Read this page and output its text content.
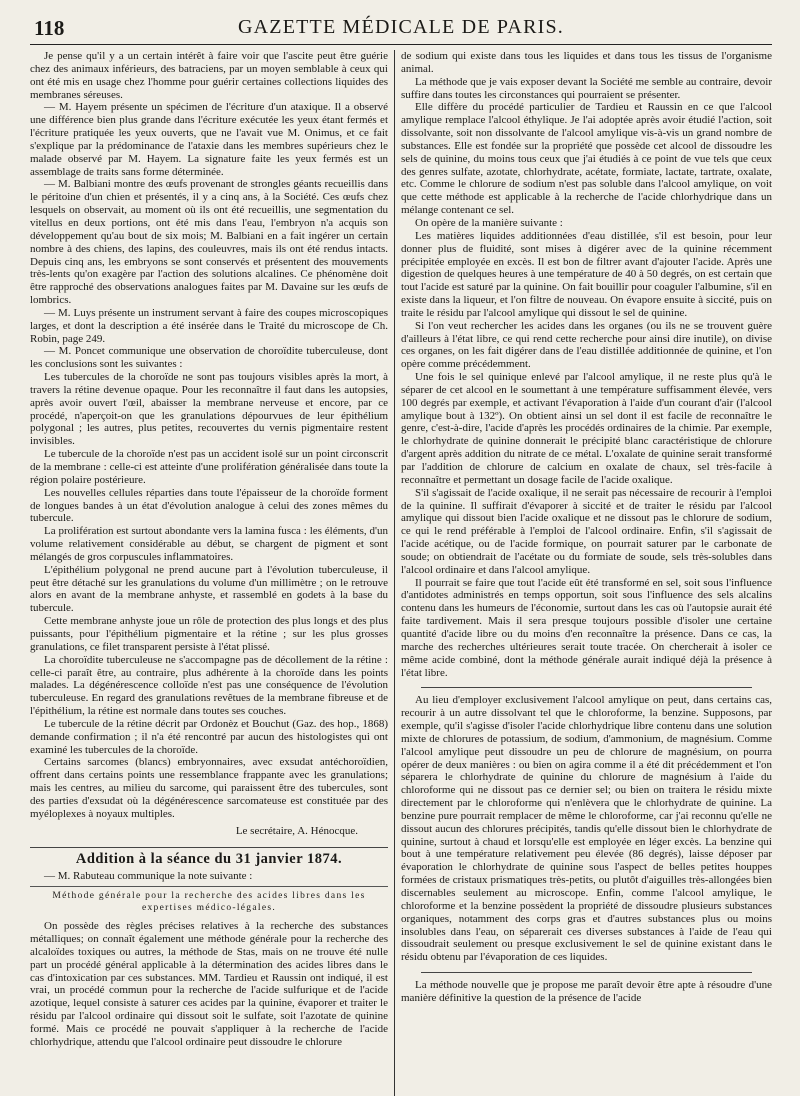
118	GAZETTE MÉDICALE DE PARIS.

Je pense qu'il y a un certain intérêt à faire voir que l'ascite peut être guérie chez des animaux inférieurs, des batraciens, par un moyen semblable à ceux qui ont été mis en usage chez l'homme pour guérir certaines collections liquides des membranes séreuses.

— M. Hayem présente un spécimen de l'écriture d'un ataxique. Il a observé une différence bien plus grande dans l'écriture exécutée les yeux étant fermés et l'écriture pratiquée les yeux ouverts, que ne l'avait vue M. Onimus, et ce fait s'explique par la prédominance de l'ataxie dans les membres supérieurs chez le malade observé par M. Hayem. La signature faite les yeux fermés est un assemblage de traits sans forme déterminée.

— M. Balbiani montre des œufs provenant de strongles géants recueillis dans le péritoine d'un chien et présentés, il y a cinq ans, à la Société. Ces œufs chez lesquels on observait, au moment où ils ont été recueillis, une segmentation du vitellus en deux portions, ont été mis dans l'eau, l'embryon n'a acquis son développement qu'au bout de six mois; M. Balbiani en a fait ingérer un certain nombre à des chiens, des lapins, des couleuvres, mais ils ont été rendus intacts. Depuis cinq ans, les embryons se sont conservés et présentent des mouvements très-lents qu'on exagère par l'action des solutions alcalines. Ce phénomène doit être rapproché des observations analogues faites par M. Davaine sur les œufs de lombrics.

— M. Luys présente un instrument servant à faire des coupes microscopiques larges, et dont la description a été insérée dans le Traité du microscope de Ch. Robin, page 249.

— M. Poncet communique une observation de choroïdite tuberculeuse, dont les conclusions sont les suivantes :

Les tubercules de la choroïde ne sont pas toujours visibles après la mort, à travers la rétine devenue opaque. Pour les reconnaître il faut dans les autopsies, après avoir ouvert l'œil, abaisser la membrane nerveuse et encore, par ce procédé, n'aperçoit-on que les granulations dépourvues de leur épithélium polygonal ; les autres, plus petites, recouvertes du vernis pigmentaire restent invisibles.

Le tubercule de la choroïde n'est pas un accident isolé sur un point circonscrit de la membrane : celle-ci est atteinte d'une prolifération généralisée dans toute la région polaire postérieure.

Les nouvelles cellules réparties dans toute l'épaisseur de la choroïde forment de longues bandes à un état d'évolution analogue à celui des zones mêmes du tubercule.

La prolifération est surtout abondante vers la lamina fusca : les éléments, d'un volume relativement considérable au début, se chargent de pigment et sont mélangés de gros corpuscules inflammatoires.

L'épithélium polygonal ne prend aucune part à l'évolution tuberculeuse, il peut être détaché sur les granulations du volume d'un millimètre ; on le retrouve alors en avant de la membrane anhyste, et rassemblé en godets à la base du tubercule.

Cette membrane anhyste joue un rôle de protection des plus longs et des plus puissants, pour l'épithélium pigmentaire et la rétine ; sur les plus grosses granulations, ce filet transparent persiste à l'état plissé.

La choroïdite tuberculeuse ne s'accompagne pas de décollement de la rétine : celle-ci paraît être, au contraire, plus adhérente à la choroïde dans les points malades. La dégénérescence colloïde n'est pas une conséquence de l'évolution tuberculeuse. En regard des granulations revêtues de la membrane fibreuse et de l'épithélium, la rétine est normale dans toutes ses couches.

Le tubercule de la rétine décrit par Ordonèz et Bouchut (Gaz. des hop., 1868) demande confirmation ; il n'a été rencontré par aucun des histologistes qui ont examiné les tubercules de la choroïde.

Certains sarcomes (blancs) embryonnaires, avec exsudat antéchoroïdien, offrent dans certains points une ressemblance frappante avec les granulations; mais les centres, au milieu du sarcome, qui paraissent être des tubercules, sont des parties d'exsudat où la dégénérescence sarcomateuse est constituée par des myéloplexes à noyaux multiples.

Le secrétaire, A. Hénocque.

Addition à la séance du 31 janvier 1874.

— M. Rabuteau communique la note suivante :

Méthode générale pour la recherche des acides libres dans les expertises médico-légales.

On possède des règles précises relatives à la recherche des substances métalliques; on connaît également une méthode générale pour la recherche des alcaloïdes toxiques ou autres, la méthode de Stas, mais on ne trouve été nulle part un procédé général applicable à la détermination des acides libres dans le cas d'intoxication par ces substances. MM. Tardieu et Raussin ont indiqué, il est vrai, un procédé commun pour la recherche de l'acide sulfurique et de l'acide azotique, lequel consiste à saturer ces acides par la quinine, évaporer et traiter le résidu par l'alcool ordinaire qui dissout soit le sulfate, soit l'azotate de quinine formé. Mais ce procédé ne pouvait s'appliquer à la recherche de l'acide chlorhydrique, attendu que l'alcool ordinaire peut dissoudre le chlorure

de sodium qui existe dans tous les liquides et dans tous les tissus de l'organisme animal.

La méthode que je vais exposer devant la Société me semble au contraire, devoir suffire dans toutes les circonstances qui pourraient se présenter.

Elle diffère du procédé particulier de Tardieu et Raussin en ce que l'alcool amylique remplace l'alcool éthylique. Je l'ai adoptée après avoir étudié l'action, soit dissolvante, soit non dissolvante de l'alcool amylique vis-à-vis un grand nombre de substances. Elle est fondée sur la propriété que possède cet alcool de dissoudre les sels de quinine, du moins tous ceux que j'ai étudiés à ce point de vue tels que ceux des genres sulfate, azotate, chlorhydrate, acétate, formiate, lactate, tartrate, oxalate, etc. Comme le chlorure de sodium n'est pas soluble dans l'alcool amylique, on voit que cette méthode est applicable à la recherche de l'acide chlorhydrique dans un mélange contenant ce sel.

On opère de la manière suivante :

Les matières liquides additionnées d'eau distillée, s'il est besoin, pour leur donner plus de fluidité, sont mises à digérer avec de la quinine récemment précipitée employée en excès. Il est bon de filtrer avant d'ajouter l'acide. Après une digestion de quelques heures à une température de 40 à 50 degrés, on est certain que tout l'acide est saturé par la quinine. On fait bouillir pour coaguler l'albumine, s'il en existe dans la liqueur, et l'on filtre de nouveau. On évapore ensuite à siccité, puis on traite le résidu par l'alcool amylique qui dissout le sel de quinine.

Si l'on veut rechercher les acides dans les organes (ou ils ne se trouvent guère d'ailleurs à l'état libre, ce qui rend cette recherche pour ainsi dire inutile), on divise ces organes, on les fait digérer dans de l'eau distillée additionnée de quinine, et l'on opère comme précédemment.

Une fois le sel quinique enlevé par l'alcool amylique, il ne reste plus qu'à le séparer de cet alcool en le soumettant à une température suffisamment élevée, vers 100 degrés par exemple, et activant l'évaporation à l'aide d'un courant d'air (l'alcool amylique bout à 132º). On obtient ainsi un sel dont il est facile de reconnaître le genre, c'est-à-dire, l'acide d'après les procédés ordinaires de la chimie. Par exemple, le chlorhydrate de quinine donnerait le précipité blanc caractéristique de chlorure d'argent après addition du nitrate de ce métal. L'oxalate de quinine serait transformé par l'addition de chlorure de calcium en oxalate de chaux, sel très-facile à reconnaître et permettant un dosage facile de l'acide oxalique.

S'il s'agissait de l'acide oxalique, il ne serait pas nécessaire de recourir à l'emploi de la quinine. Il suffirait d'évaporer à siccité et de traiter le résidu par l'alcool amylique qui dissout bien l'acide oxalique et ne dissout pas le chlorure de sodium, ce qui le rend préférable à l'emploi de l'alcool ordinaire. Enfin, s'il s'agissait de l'acide acétique, ou de l'acide formique, on pourrait saturer par le carbonate de soude; on obtiendrait de l'acétate ou du formiate de soude, sels très-solubles dans l'alcool ordinaire et dans l'alcool amylique.

Il pourrait se faire que tout l'acide eût été transformé en sel, soit sous l'influence d'antidotes administrés en temps opportun, soit sous l'influence des sels alcalins contenu dans les humeurs de l'économie, surtout dans les cas où l'autopsie aurait été faite tardivement. Mais il sera presque toujours possible d'isoler une certaine quantité d'acide libre ou du moins d'en reconnaître la présence. Dans ce cas, la marche des recherches ultérieures serait toute tracée. On chercherait à isoler ce même acide combiné, dont la méthode générale aurait indiqué déjà la présence à l'état libre.

Au lieu d'employer exclusivement l'alcool amylique on peut, dans certains cas, recourir à un autre dissolvant tel que le chloroforme, la benzine. Supposons, par exemple, qu'il s'agisse d'isoler l'acide chlorhydrique libre contenu dans une solution mixte de chlorures de potassium, de sodium, d'ammonium, de magnésium. Comme l'alcool amylique peut dissoudre un peu de chlorure de magnésium, on pourra opérer de deux manières : ou bien on agira comme il a été dit précédemment et l'on séparera le chlorhydrate de quinine du chlorure de magnésium à l'aide du chloroforme qui ne dissout pas ce dernier sel; ou bien on traitera le résidu mixte directement par le chloroforme qui n'enlèvera que le chlorhydrate de quinine. La benzine pure pourrait remplacer de même le chloroforme, car j'ai reconnu qu'elle ne dissout aucun des chlorures précipités, tandis qu'elle dissout bien le chlorhydrate de quinine, surtout à chaud et lorsqu'elle est employée en léger excès. La benzine qui bout à une température relativement peu élevée (86 degrés), laisse déposer par évaporation le chlorhydrate de quinine sous l'aspect de belles petites houppes formées de cristaux prismatiques très-petits, ou plutôt d'aiguilles très-allongées bien discernables seulement au microscope. Enfin, comme l'alcool amylique, le chloroforme et la benzine possèdent la propriété de dissoudre plusieurs substances organiques, notamment des corps gras et d'autres substances plus ou moins insolubles dans l'eau, on séparerait ces diverses substances à l'aide de l'eau qui dissoudrait seulement ou presque exclusivement le sel de quinine existant dans le résidu obtenu par l'évaporation de ces liquides.

La méthode nouvelle que je propose me paraît devoir être apte à résoudre d'une manière définitive la question de la présence de l'acide
